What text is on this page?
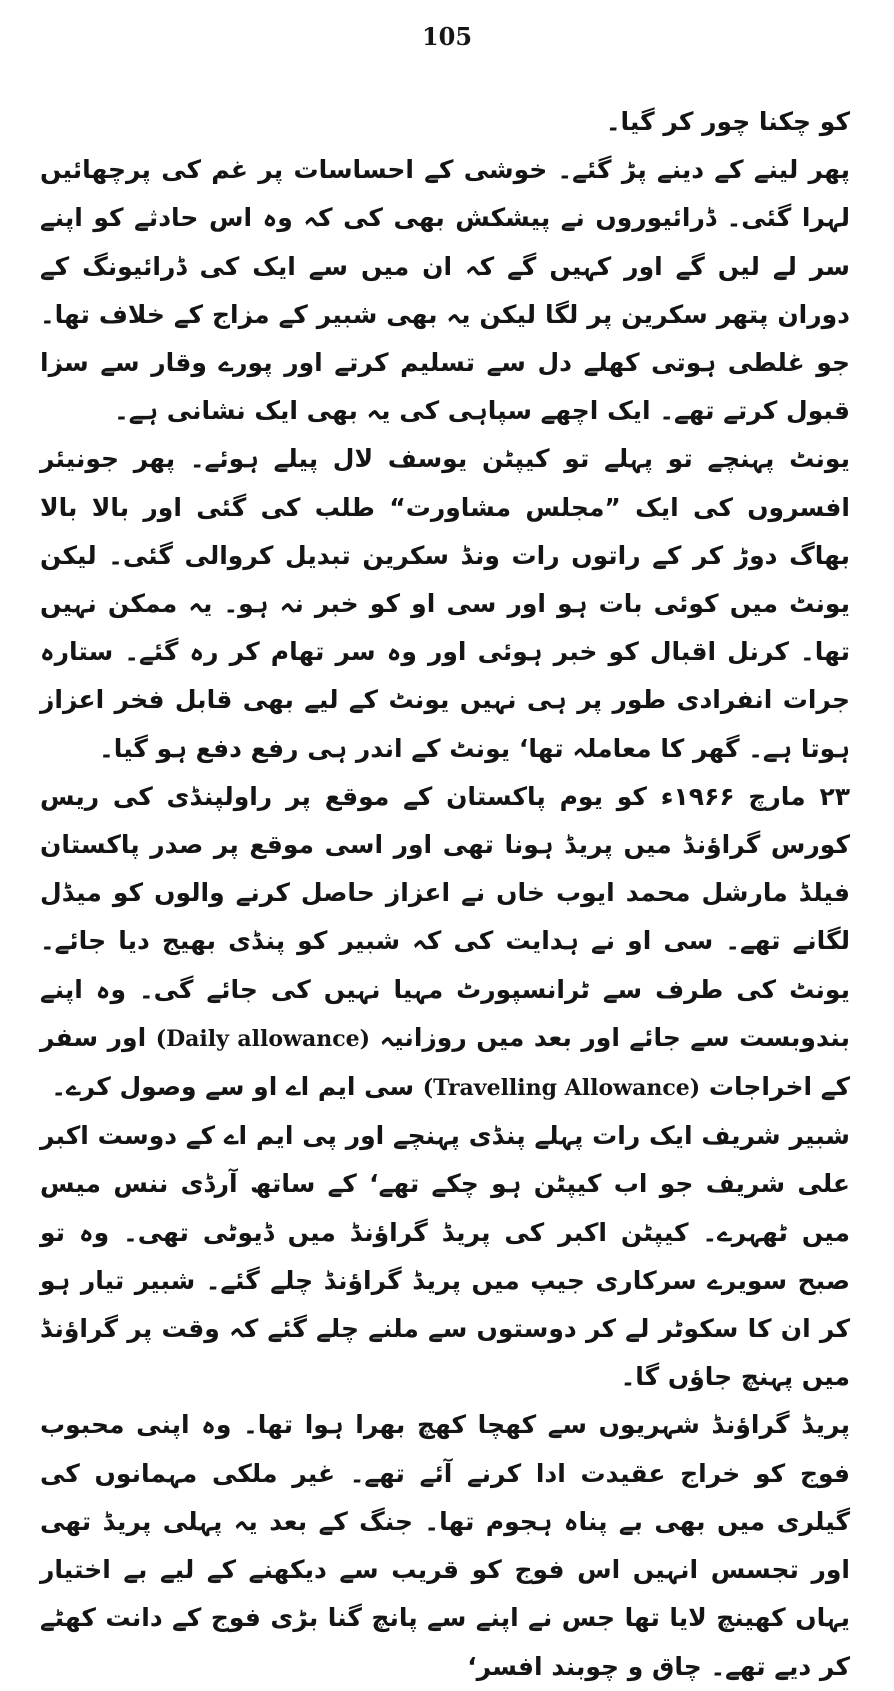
105

کو چکنا چور کر گیا۔

پھر لینے کے دینے پڑ گئے۔ خوشی کے احساسات پر غم کی پرچھائیں لہرا گئی۔ ڈرائیوروں نے پیشکش بھی کی کہ وہ اس حادثے کو اپنے سر لے لیں گے اور کہیں گے کہ ان میں سے ایک کی ڈرائیونگ کے دوران پتھر سکرین پر لگا لیکن یہ بھی شبیر کے مزاج کے خلاف تھا۔ جو غلطی ہوتی کھلے دل سے تسلیم کرتے اور پورے وقار سے سزا قبول کرتے تھے۔ ایک اچھے سپاہی کی یہ بھی ایک نشانی ہے۔

یونٹ پہنچے تو پہلے تو کیپٹن یوسف لال پیلے ہوئے۔ پھر جونیئر افسروں کی ایک ”مجلس مشاورت“ طلب کی گئی اور بالا بالا بھاگ دوڑ کر کے راتوں رات ونڈ سکرین تبدیل کروالی گئی۔ لیکن یونٹ میں کوئی بات ہو اور سی او کو خبر نہ ہو۔ یہ ممکن نہیں تھا۔ کرنل اقبال کو خبر ہوئی اور وہ سر تھام کر رہ گئے۔ ستارہ جرات انفرادی طور پر ہی نہیں یونٹ کے لیے بھی قابل فخر اعزاز ہوتا ہے۔ گھر کا معاملہ تھا‘ یونٹ کے اندر ہی رفع دفع ہو گیا۔

۲۳ مارچ ۱۹۶۶ء کو یوم پاکستان کے موقع پر راولپنڈی کی ریس کورس گراؤنڈ میں پریڈ ہونا تھی اور اسی موقع پر صدر پاکستان فیلڈ مارشل محمد ایوب خاں نے اعزاز حاصل کرنے والوں کو میڈل لگانے تھے۔ سی او نے ہدایت کی کہ شبیر کو پنڈی بھیج دیا جائے۔ یونٹ کی طرف سے ٹرانسپورٹ مہیا نہیں کی جائے گی۔ وہ اپنے بندوبست سے جائے اور بعد میں روزانیہ (Daily allowance) اور سفر کے اخراجات (Travelling Allowance) سی ایم اے او سے وصول کرے۔

شبیر شریف ایک رات پہلے پنڈی پہنچے اور پی ایم اے کے دوست اکبر علی شریف جو اب کیپٹن ہو چکے تھے‘ کے ساتھ آرڈی ننس میس میں ٹھہرے۔ کیپٹن اکبر کی پریڈ گراؤنڈ میں ڈیوٹی تھی۔ وہ تو صبح سویرے سرکاری جیپ میں پریڈ گراؤنڈ چلے گئے۔ شبیر تیار ہو کر ان کا سکوٹر لے کر دوستوں سے ملنے چلے گئے کہ وقت پر گراؤنڈ میں پہنچ جاؤں گا۔

پریڈ گراؤنڈ شہریوں سے کھچا کھچ بھرا ہوا تھا۔ وہ اپنی محبوب فوج کو خراج عقیدت ادا کرنے آئے تھے۔ غیر ملکی مہمانوں کی گیلری میں بھی بے پناہ ہجوم تھا۔ جنگ کے بعد یہ پہلی پریڈ تھی اور تجسس انہیں اس فوج کو قریب سے دیکھنے کے لیے بے اختیار یہاں کھینچ لایا تھا جس نے اپنے سے پانچ گنا بڑی فوج کے دانت کھٹے کر دیے تھے۔ چاق و چوبند افسر‘
